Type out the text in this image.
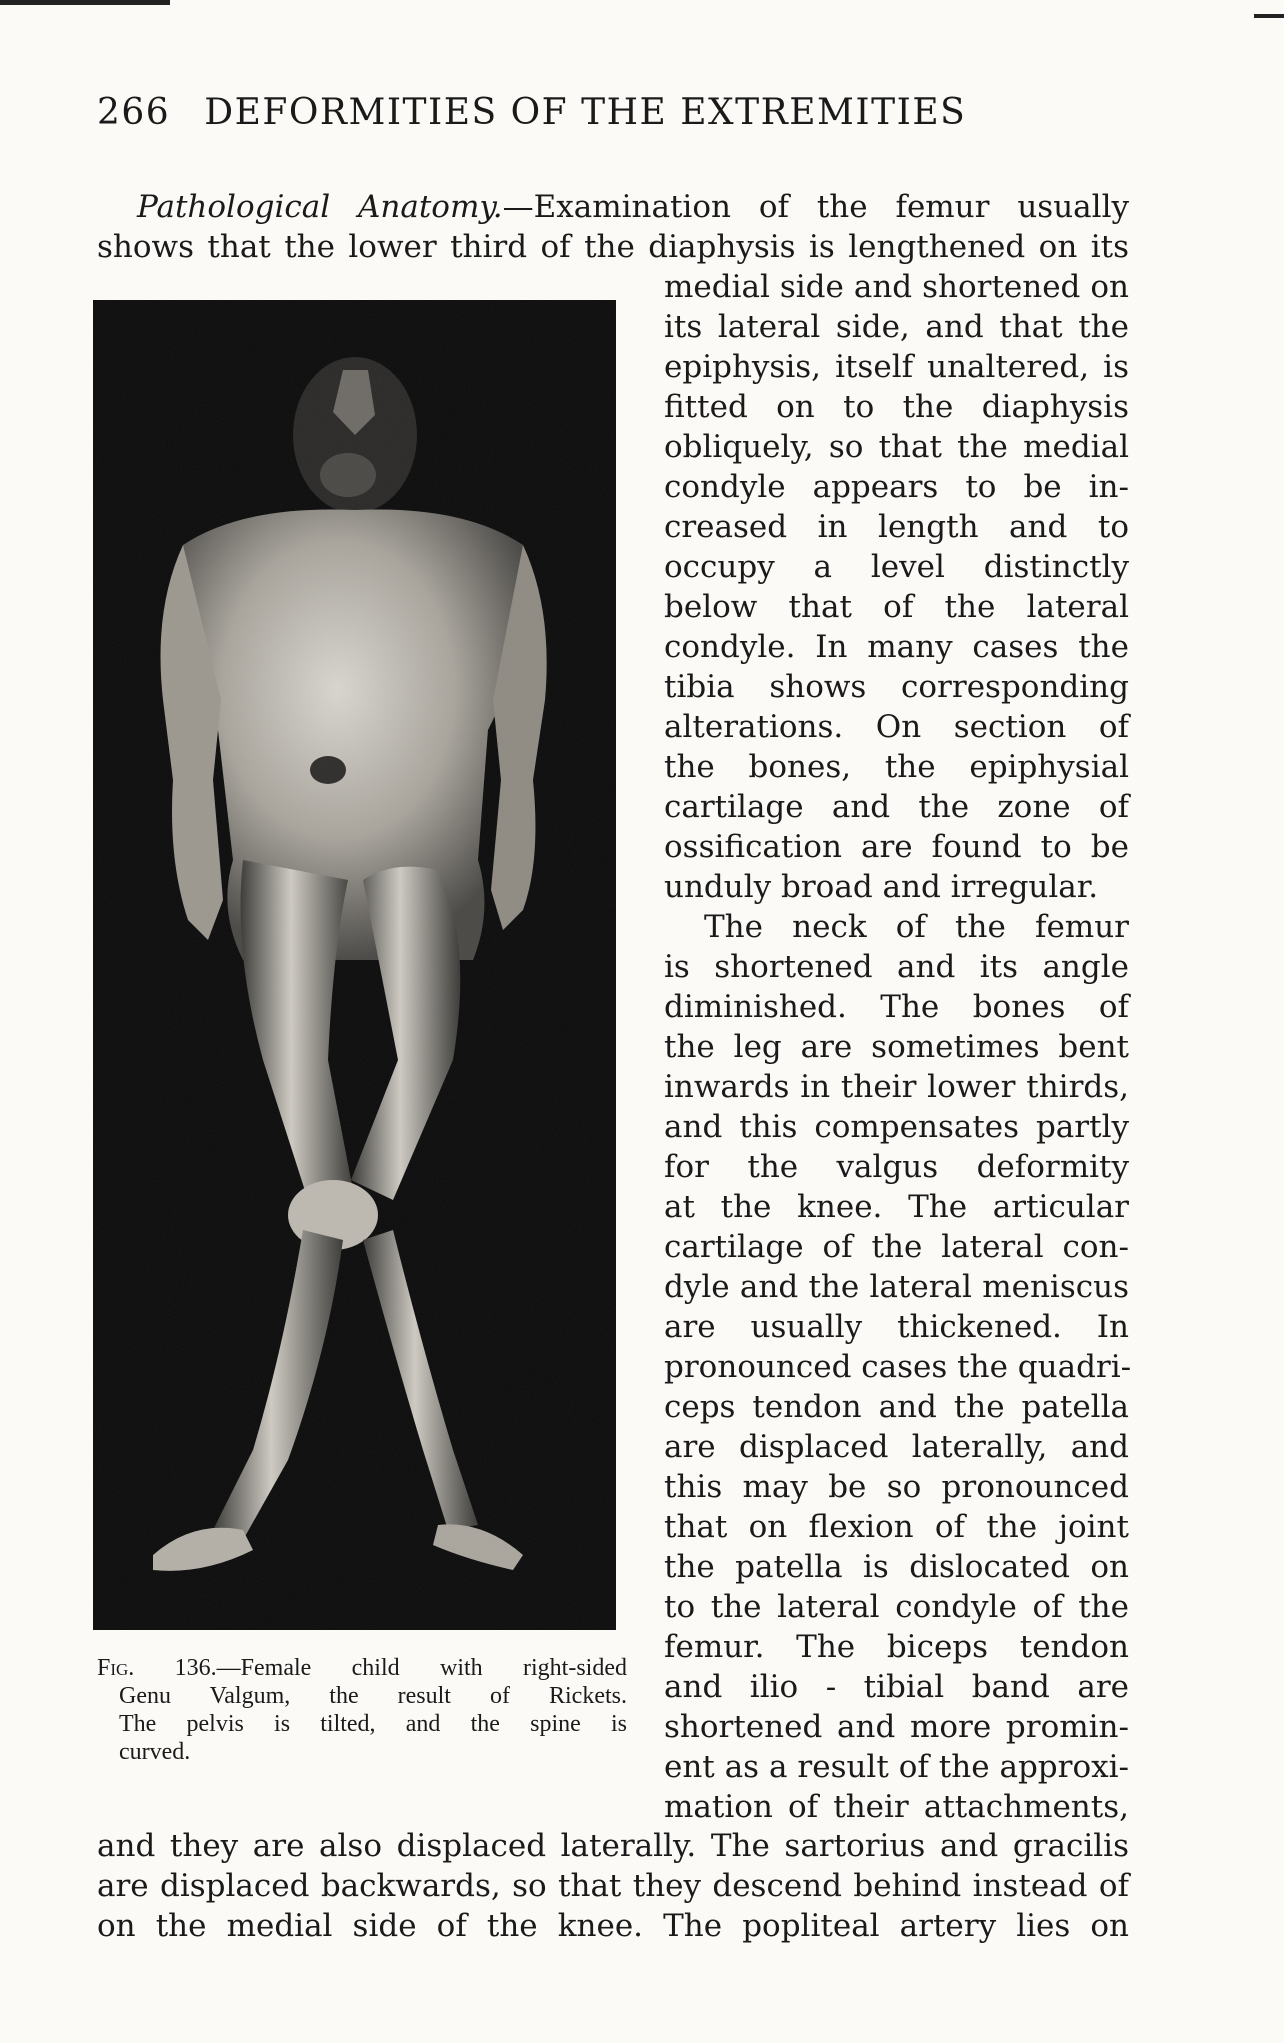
266 DEFORMITIES OF THE EXTREMITIES
Pathological Anatomy.—Examination of the femur usually
shows that the lower third of the diaphysis is lengthened on its
Fig. 136.—Female child with right-sided
Genu Valgum, the result of Rickets.
The pelvis is tilted, and the spine is
curved.
medial side and shortened on
its lateral side, and that the
epiphysis, itself unaltered, is
fitted on to the diaphysis
obliquely, so that the medial
condyle appears to be in-
creased in length and to
occupy a level distinctly
below that of the lateral
condyle. In many cases the
tibia shows corresponding
alterations. On section of
the bones, the epiphysial
cartilage and the zone of
ossification are found to be
unduly broad and irregular.
The neck of the femur
is shortened and its angle
diminished. The bones of
the leg are sometimes bent
inwards in their lower thirds,
and this compensates partly
for the valgus deformity
at the knee. The articular
cartilage of the lateral con-
dyle and the lateral meniscus
are usually thickened. In
pronounced cases the quadri-
ceps tendon and the patella
are displaced laterally, and
this may be so pronounced
that on flexion of the joint
the patella is dislocated on
to the lateral condyle of the
femur. The biceps tendon
and ilio - tibial band are
shortened and more promin-
ent as a result of the approxi-
mation of their attachments,
and they are also displaced laterally. The sartorius and gracilis
are displaced backwards, so that they descend behind instead of
on the medial side of the knee. The popliteal artery lies on
